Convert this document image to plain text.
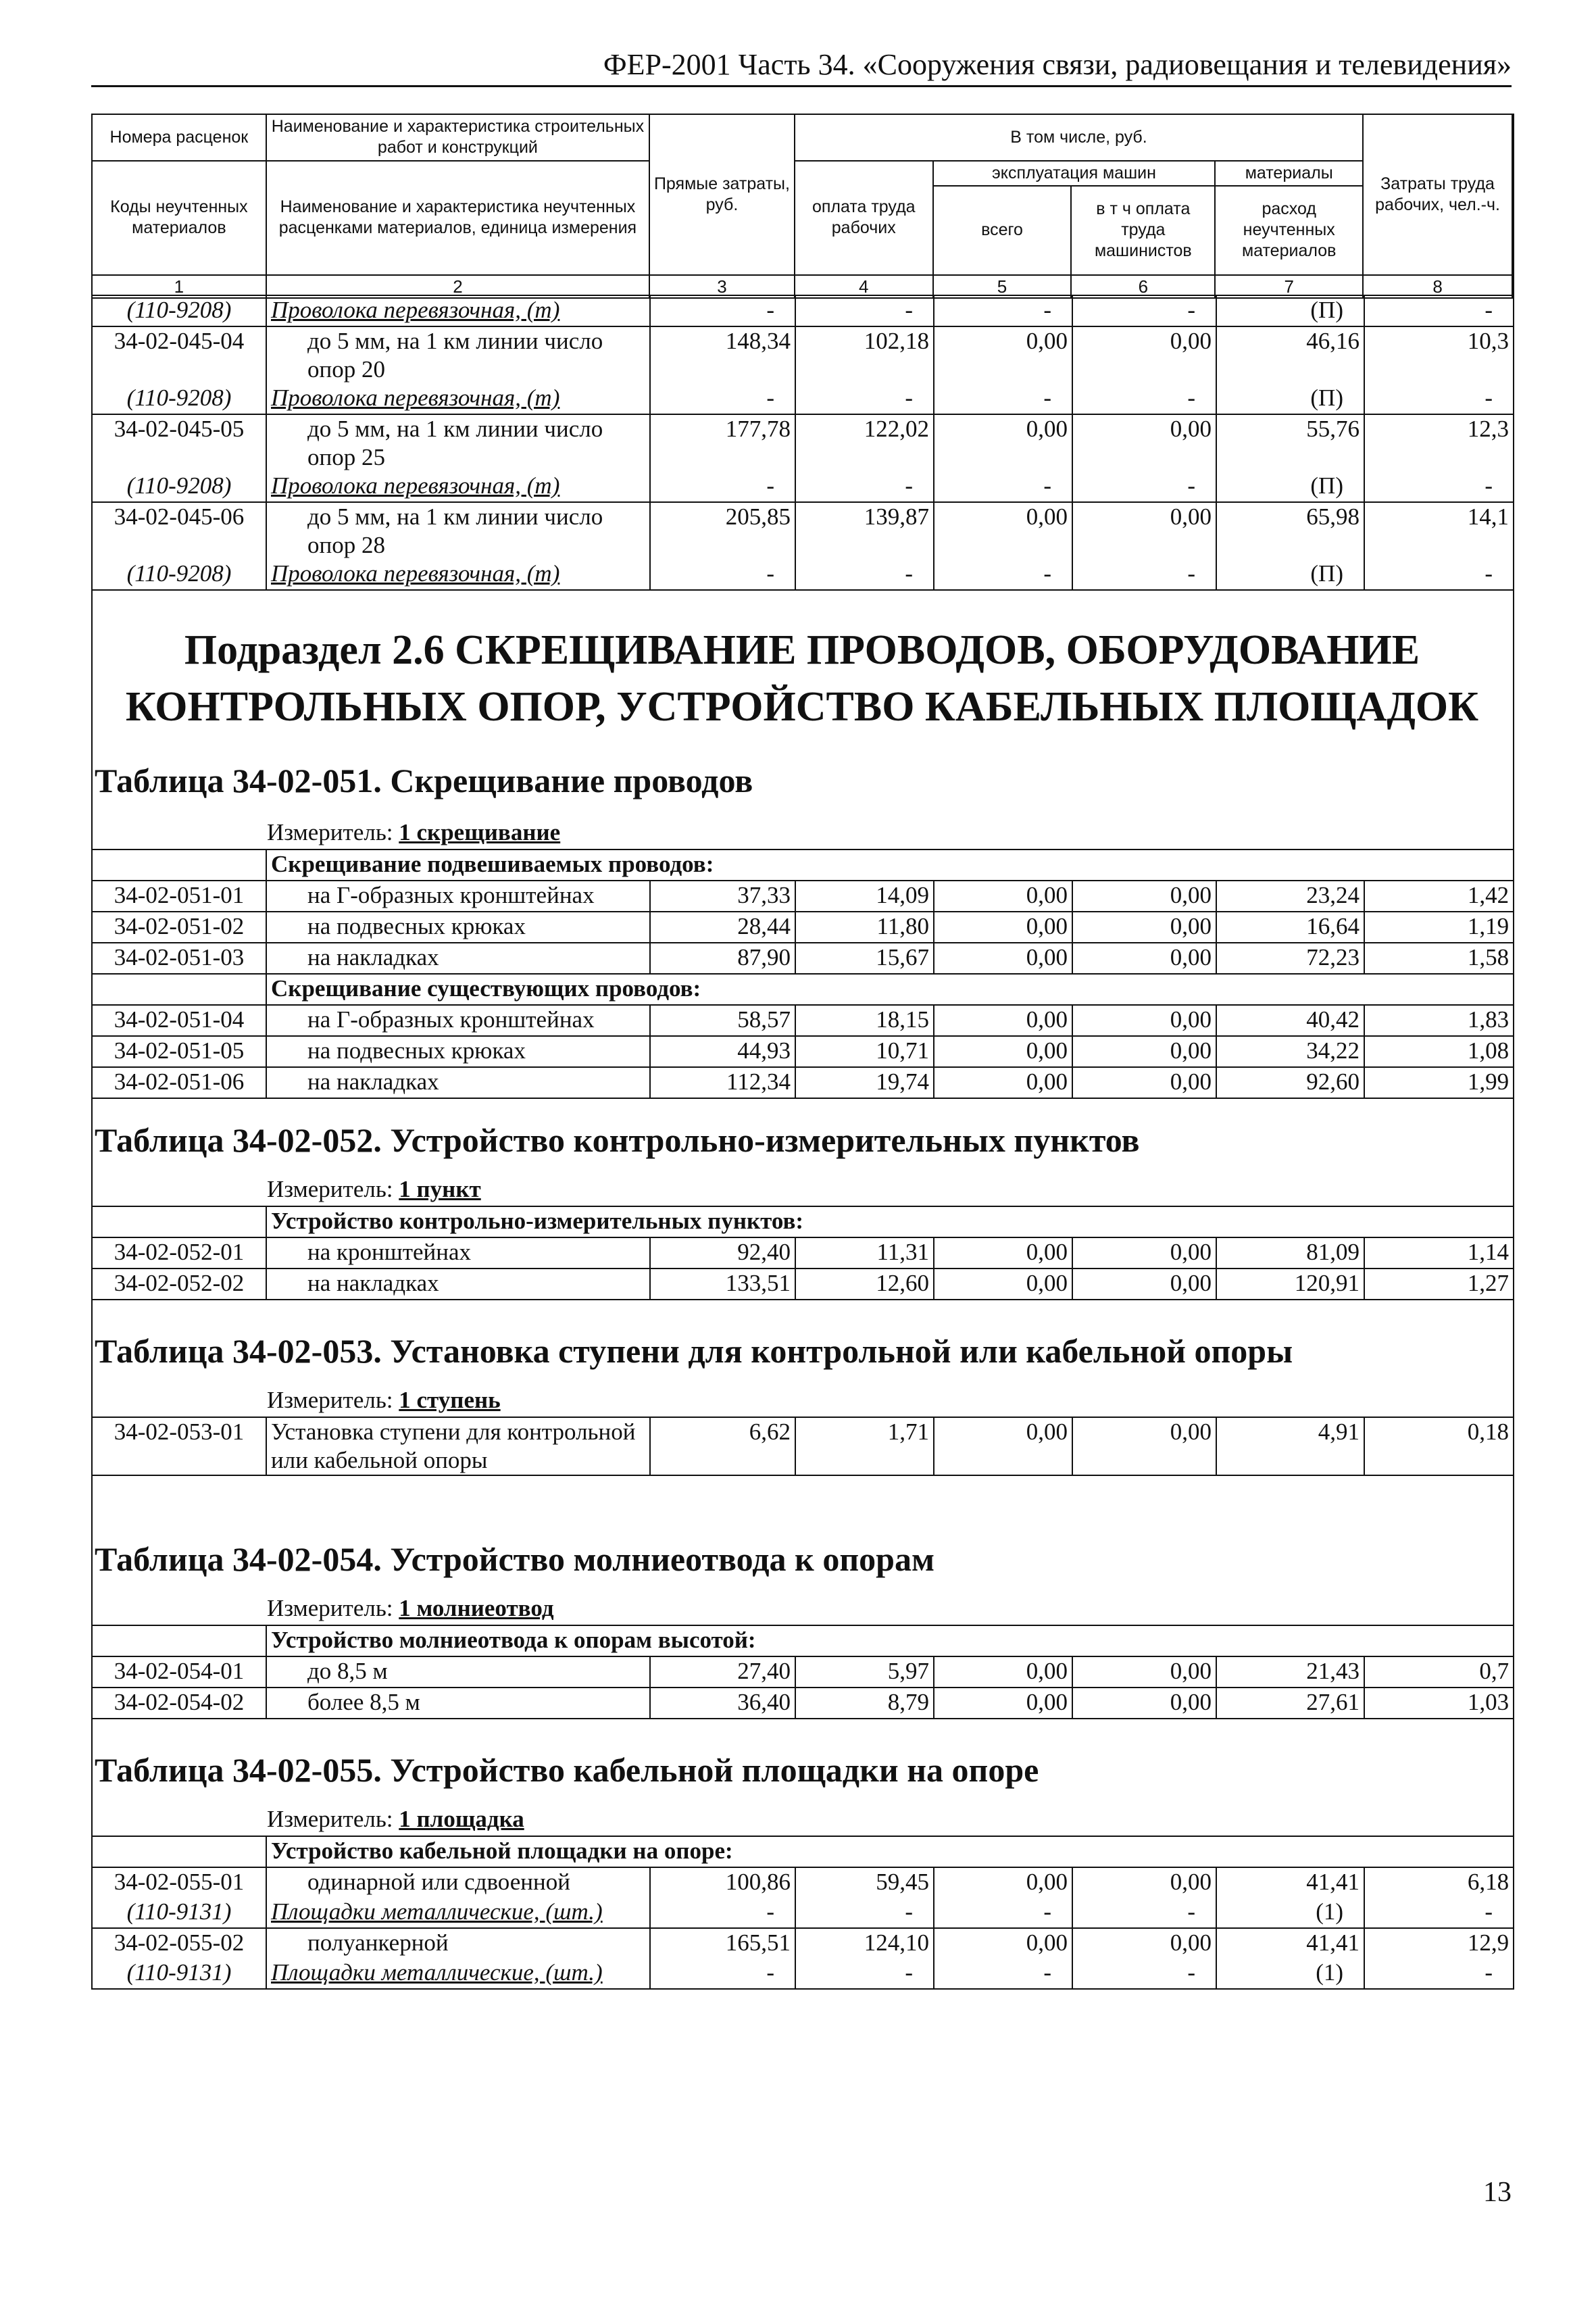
ФЕР-2001 Часть 34. «Сооружения связи, радиовещания и телевидения»
Номера расценок	Наименование и характеристика строительных работ и конструкций	Прямые затраты, руб.	В том числе, руб.				Затраты труда рабочих, чел.-ч.
Коды неучтенных материалов	Наименование и характеристика неучтенных расценками материалов, единица измерения		оплата труда рабочих	эксплуатация машин		материалы	
				всего	в т ч оплата труда машинистов	расход неучтенных материалов	

1	2	3	4	5	6	7	8
(110-9208)	Проволока перевязочная, (т)	-	-	-	-	(П)	-
34-02-045-04	до 5 мм, на 1 км линии число опор 20	148,34	102,18	0,00	0,00	46,16	10,3
(110-9208)	Проволока перевязочная, (т)	-	-	-	-	(П)	-
34-02-045-05	до 5 мм, на 1 км линии число опор 25	177,78	122,02	0,00	0,00	55,76	12,3
(110-9208)	Проволока перевязочная, (т)	-	-	-	-	(П)	-
34-02-045-06	до 5 мм, на 1 км линии число опор 28	205,85	139,87	0,00	0,00	65,98	14,1
(110-9208)	Проволока перевязочная, (т)	-	-	-	-	(П)	-
Подраздел 2.6 СКРЕЩИВАНИЕ ПРОВОДОВ, ОБОРУДОВАНИЕ КОНТРОЛЬНЫХ ОПОР, УСТРОЙСТВО КАБЕЛЬНЫХ ПЛОЩАДОК
Таблица 34-02-051. Скрещивание проводов
Измеритель: 1 скрещивание
	Скрещивание подвешиваемых проводов:						
34-02-051-01	на Г-образных кронштейнах	37,33	14,09	0,00	0,00	23,24	1,42
34-02-051-02	на подвесных крюках	28,44	11,80	0,00	0,00	16,64	1,19
34-02-051-03	на накладках	87,90	15,67	0,00	0,00	72,23	1,58
	Скрещивание существующих проводов:						
34-02-051-04	на Г-образных кронштейнах	58,57	18,15	0,00	0,00	40,42	1,83
34-02-051-05	на подвесных крюках	44,93	10,71	0,00	0,00	34,22	1,08
34-02-051-06	на накладках	112,34	19,74	0,00	0,00	92,60	1,99
Таблица 34-02-052. Устройство контрольно-измерительных пунктов
Измеритель: 1 пункт
	Устройство контрольно-измерительных пунктов:						
34-02-052-01	на кронштейнах	92,40	11,31	0,00	0,00	81,09	1,14
34-02-052-02	на накладках	133,51	12,60	0,00	0,00	120,91	1,27
Таблица 34-02-053. Установка ступени для контрольной или кабельной опоры
Измеритель: 1 ступень
34-02-053-01	Установка ступени для контрольной или кабельной опоры	6,62	1,71	0,00	0,00	4,91	0,18
Таблица 34-02-054. Устройство молниеотвода к опорам
Измеритель: 1 молниеотвод
	Устройство молниеотвода к опорам высотой:						
34-02-054-01	до 8,5 м	27,40	5,97	0,00	0,00	21,43	0,7
34-02-054-02	более 8,5 м	36,40	8,79	0,00	0,00	27,61	1,03
Таблица 34-02-055. Устройство кабельной площадки на опоре
Измеритель: 1 площадка
	Устройство кабельной площадки на опоре:						
34-02-055-01	одинарной или сдвоенной	100,86	59,45	0,00	0,00	41,41	6,18
(110-9131)	Площадки металлические, (шт.)	-	-	-	-	(1)	-
34-02-055-02	полуанкерной	165,51	124,10	0,00	0,00	41,41	12,9
(110-9131)	Площадки металлические, (шт.)	-	-	-	-	(1)	-
13
